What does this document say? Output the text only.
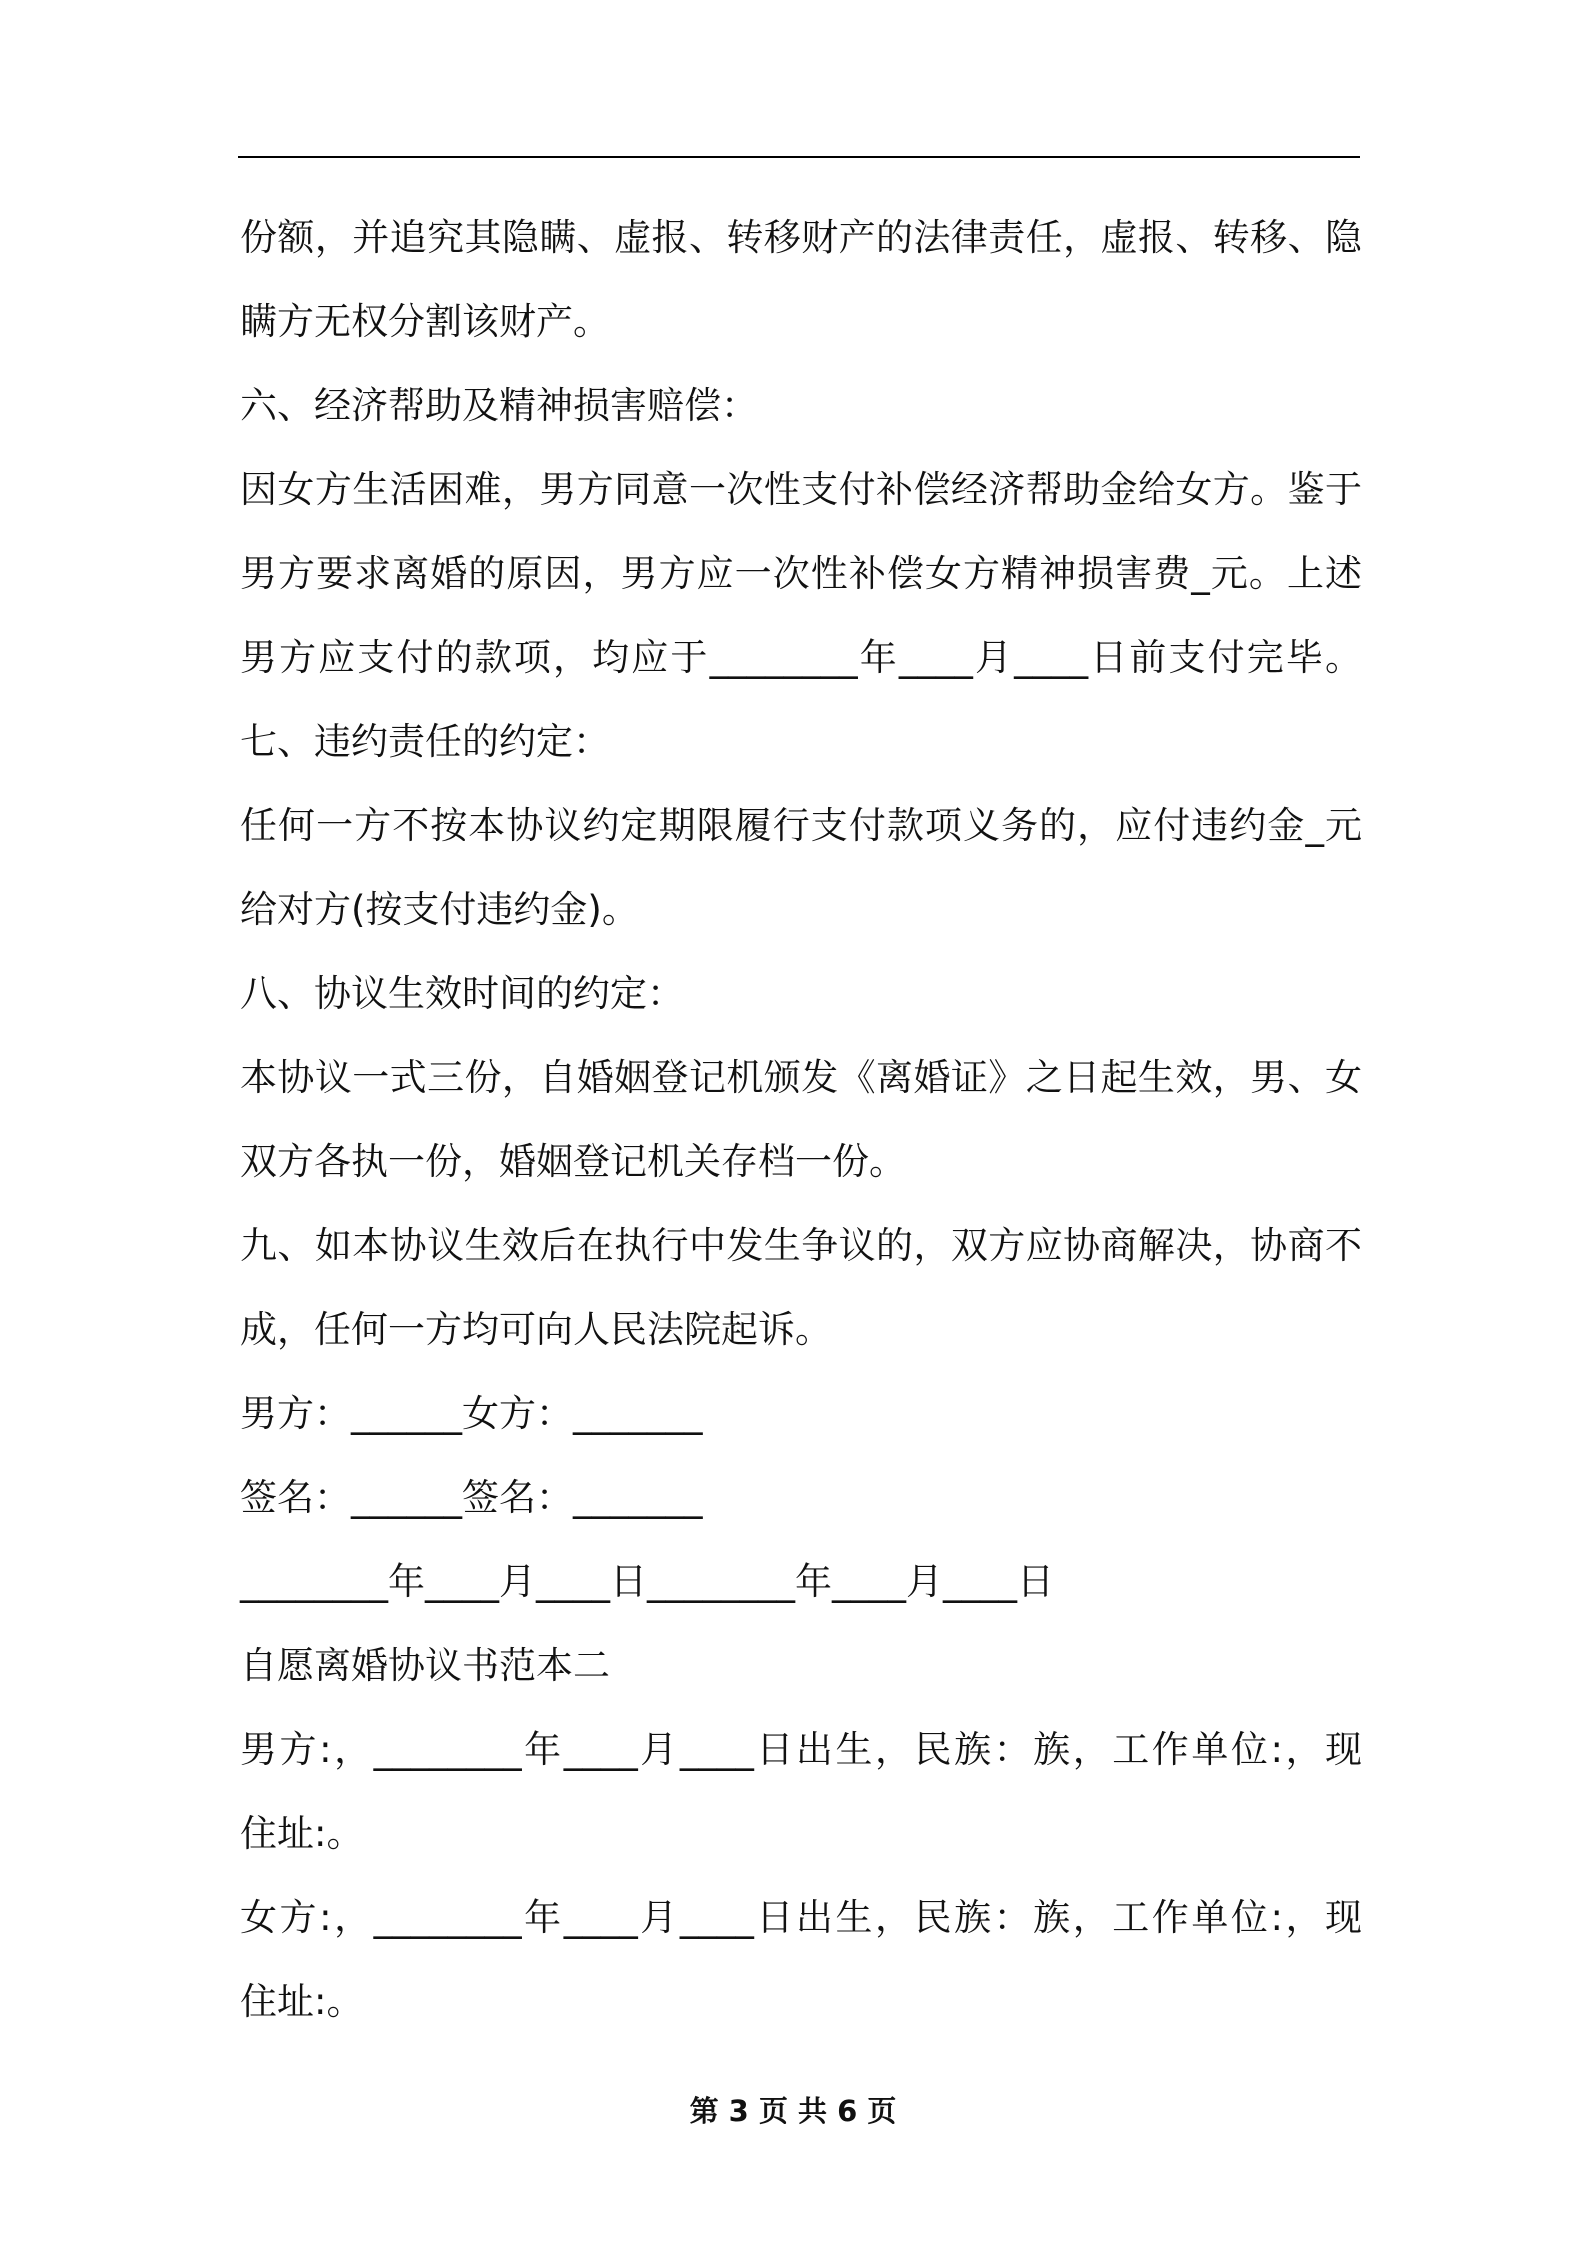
份额，并追究其隐瞒、虚报、转移财产的法律责任，虚报、转移、隐
瞒方无权分割该财产。
六、经济帮助及精神损害赔偿：
因女方生活困难，男方同意一次性支付补偿经济帮助金给女方。鉴于
男方要求离婚的原因，男方应一次性补偿女方精神损害费_元。上述
男方应支付的款项，均应于________年____月____日前支付完毕。
七、违约责任的约定：
任何一方不按本协议约定期限履行支付款项义务的，应付违约金_元
给对方(按支付违约金)。
八、协议生效时间的约定：
本协议一式三份，自婚姻登记机颁发《离婚证》之日起生效，男、女
双方各执一份，婚姻登记机关存档一份。
九、如本协议生效后在执行中发生争议的，双方应协商解决，协商不
成，任何一方均可向人民法院起诉。
男方：______女方：_______
签名：______签名：_______
________年____月____日________年____月____日
自愿离婚协议书范本二
男方:，________年____月____日出生，民族：族，工作单位:，现
住址:。
女方:，________年____月____日出生，民族：族，工作单位:，现
住址:。
第 3 页 共 6 页
